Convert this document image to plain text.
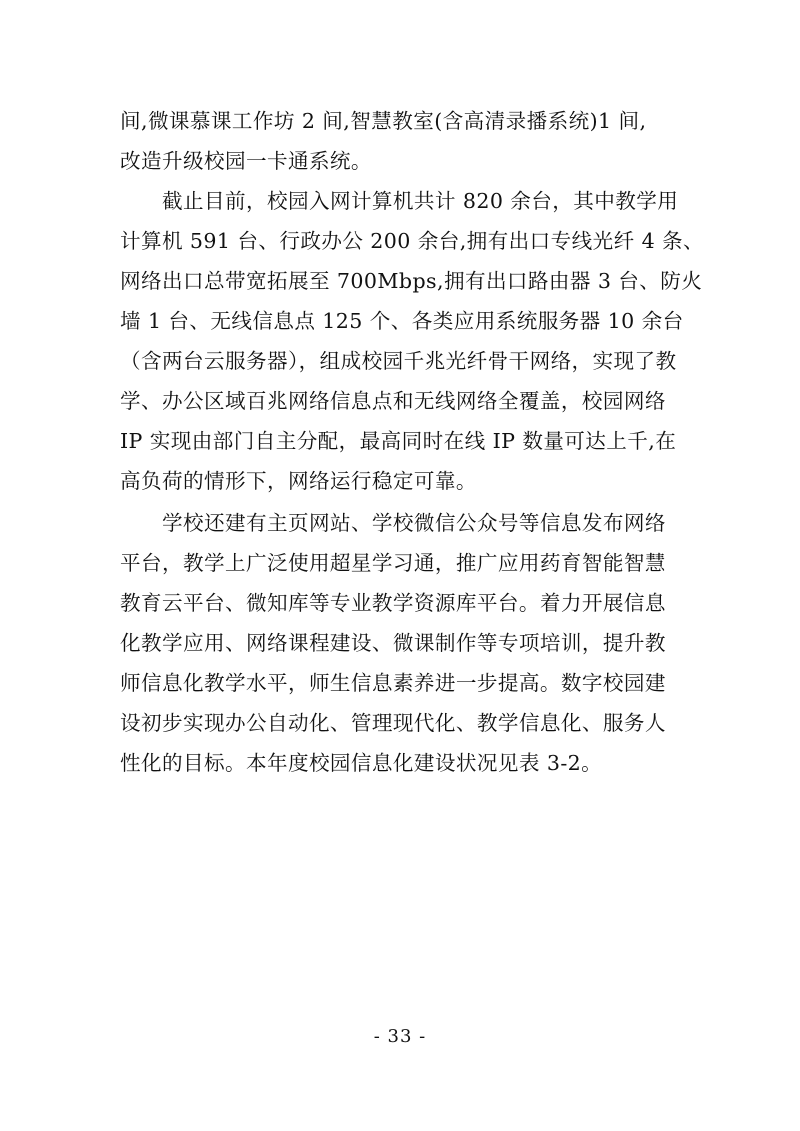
间,微课慕课工作坊 2 间,智慧教室(含高清录播系统)1 间,
改造升级校园一卡通系统。
截止目前，校园入网计算机共计 820 余台，其中教学用
计算机 591 台、行政办公 200 余台,拥有出口专线光纤 4 条、
网络出口总带宽拓展至 700Mbps,拥有出口路由器 3 台、防火
墙 1 台、无线信息点 125 个、各类应用系统服务器 10 余台
（含两台云服务器），组成校园千兆光纤骨干网络，实现了教
学、办公区域百兆网络信息点和无线网络全覆盖，校园网络
IP 实现由部门自主分配，最高同时在线 IP 数量可达上千,在
高负荷的情形下，网络运行稳定可靠。
学校还建有主页网站、学校微信公众号等信息发布网络
平台，教学上广泛使用超星学习通，推广应用药育智能智慧
教育云平台、微知库等专业教学资源库平台。着力开展信息
化教学应用、网络课程建设、微课制作等专项培训，提升教
师信息化教学水平，师生信息素养进一步提高。数字校园建
设初步实现办公自动化、管理现代化、教学信息化、服务人
性化的目标。本年度校园信息化建设状况见表 3-2。
- 33 -
